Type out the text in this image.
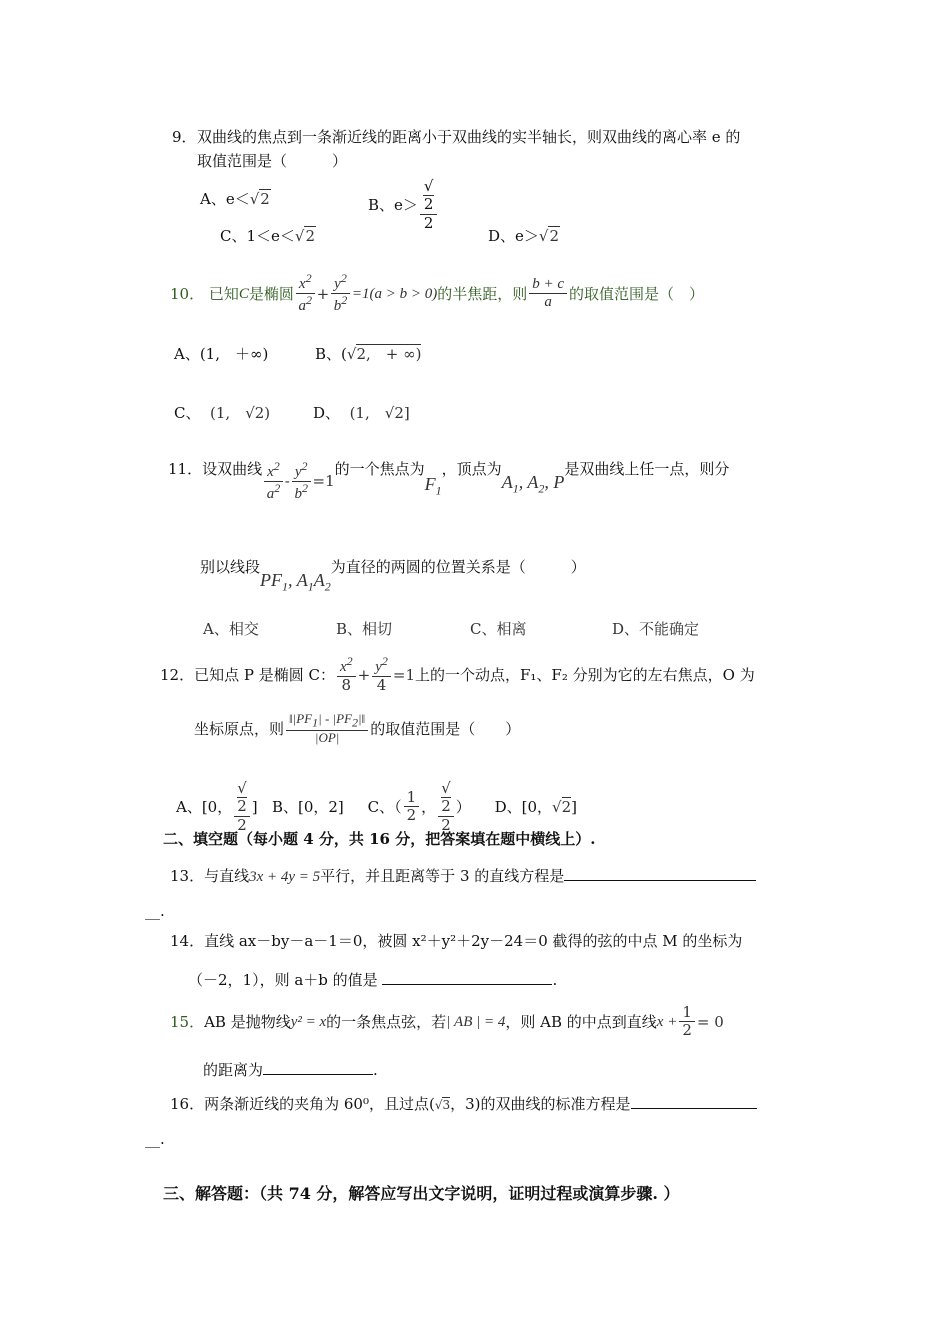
9． 双曲线的焦点到一条渐近线的距离小于双曲线的实半轴长，则双曲线的离心率 e 的
取值范围是（　　　）
A、e＜√2	B、e＞ √
2
2
C、1＜e＜√2	D、e＞√2
10． 已知C是椭圆 $\frac{x^2}{a^2} + \frac{y^2}{b^2} =1(a > b > 0)$的半焦距，则 $\frac{b + c}{a}$ 的取值范围是（　）
A、(1,　＋∞)	B、(√2,　+ ∞)
C、 (1,　√2)	D、 (1,　√2]
11．设双曲线 $\frac{x^2}{a^2} - \frac{y^2}{b^2} =1$的一个焦点为$F_1$，顶点为$A_1$, $A_2$, P是双曲线上任一点，则分
别以线段$PF_1$, $A_1A_2$为直径的两圆的位置关系是（　　　）
A、相交	B、相切	C、相离	D、不能确定
12．已知点 P 是椭圆 C： $\frac{x^2}{8} + \frac{y^2}{4} =1$上的一个动点，F₁、F₂ 分别为它的左右焦点，O 为
坐标原点，则 $\frac{‖|PF_1| - |PF_2|‖}{|OP|}$ 的取值范围是（　　）
A、[0， √
2
2 ] B、[0，2] C、（ $\frac{1}{2}$ ， √
2
2 ） D、[0，√2]
二、填空题（每小题 4 分，共 16 分，把答案填在题中横线上）.
13．与直线3x + 4y = 5平行，并且距离等于 3 的直线方程是
__.
14．直线 ax－by－a－1＝0，被圆 x²＋y²＋2y－24＝0 截得的弦的中点 M 的坐标为
（－2，1），则 a＋b 的值是	.
15．AB 是抛物线y² = x的一条焦点弦，若| AB | = 4，则 AB 的中点到直线$x + \frac{1}{2} = 0$
的距离为	.
16．两条渐近线的夹角为 60⁰，且过点(√3，3)的双曲线的标准方程是
__.
三、解答题：（共 74 分，解答应写出文字说明，证明过程或演算步骤. ）
